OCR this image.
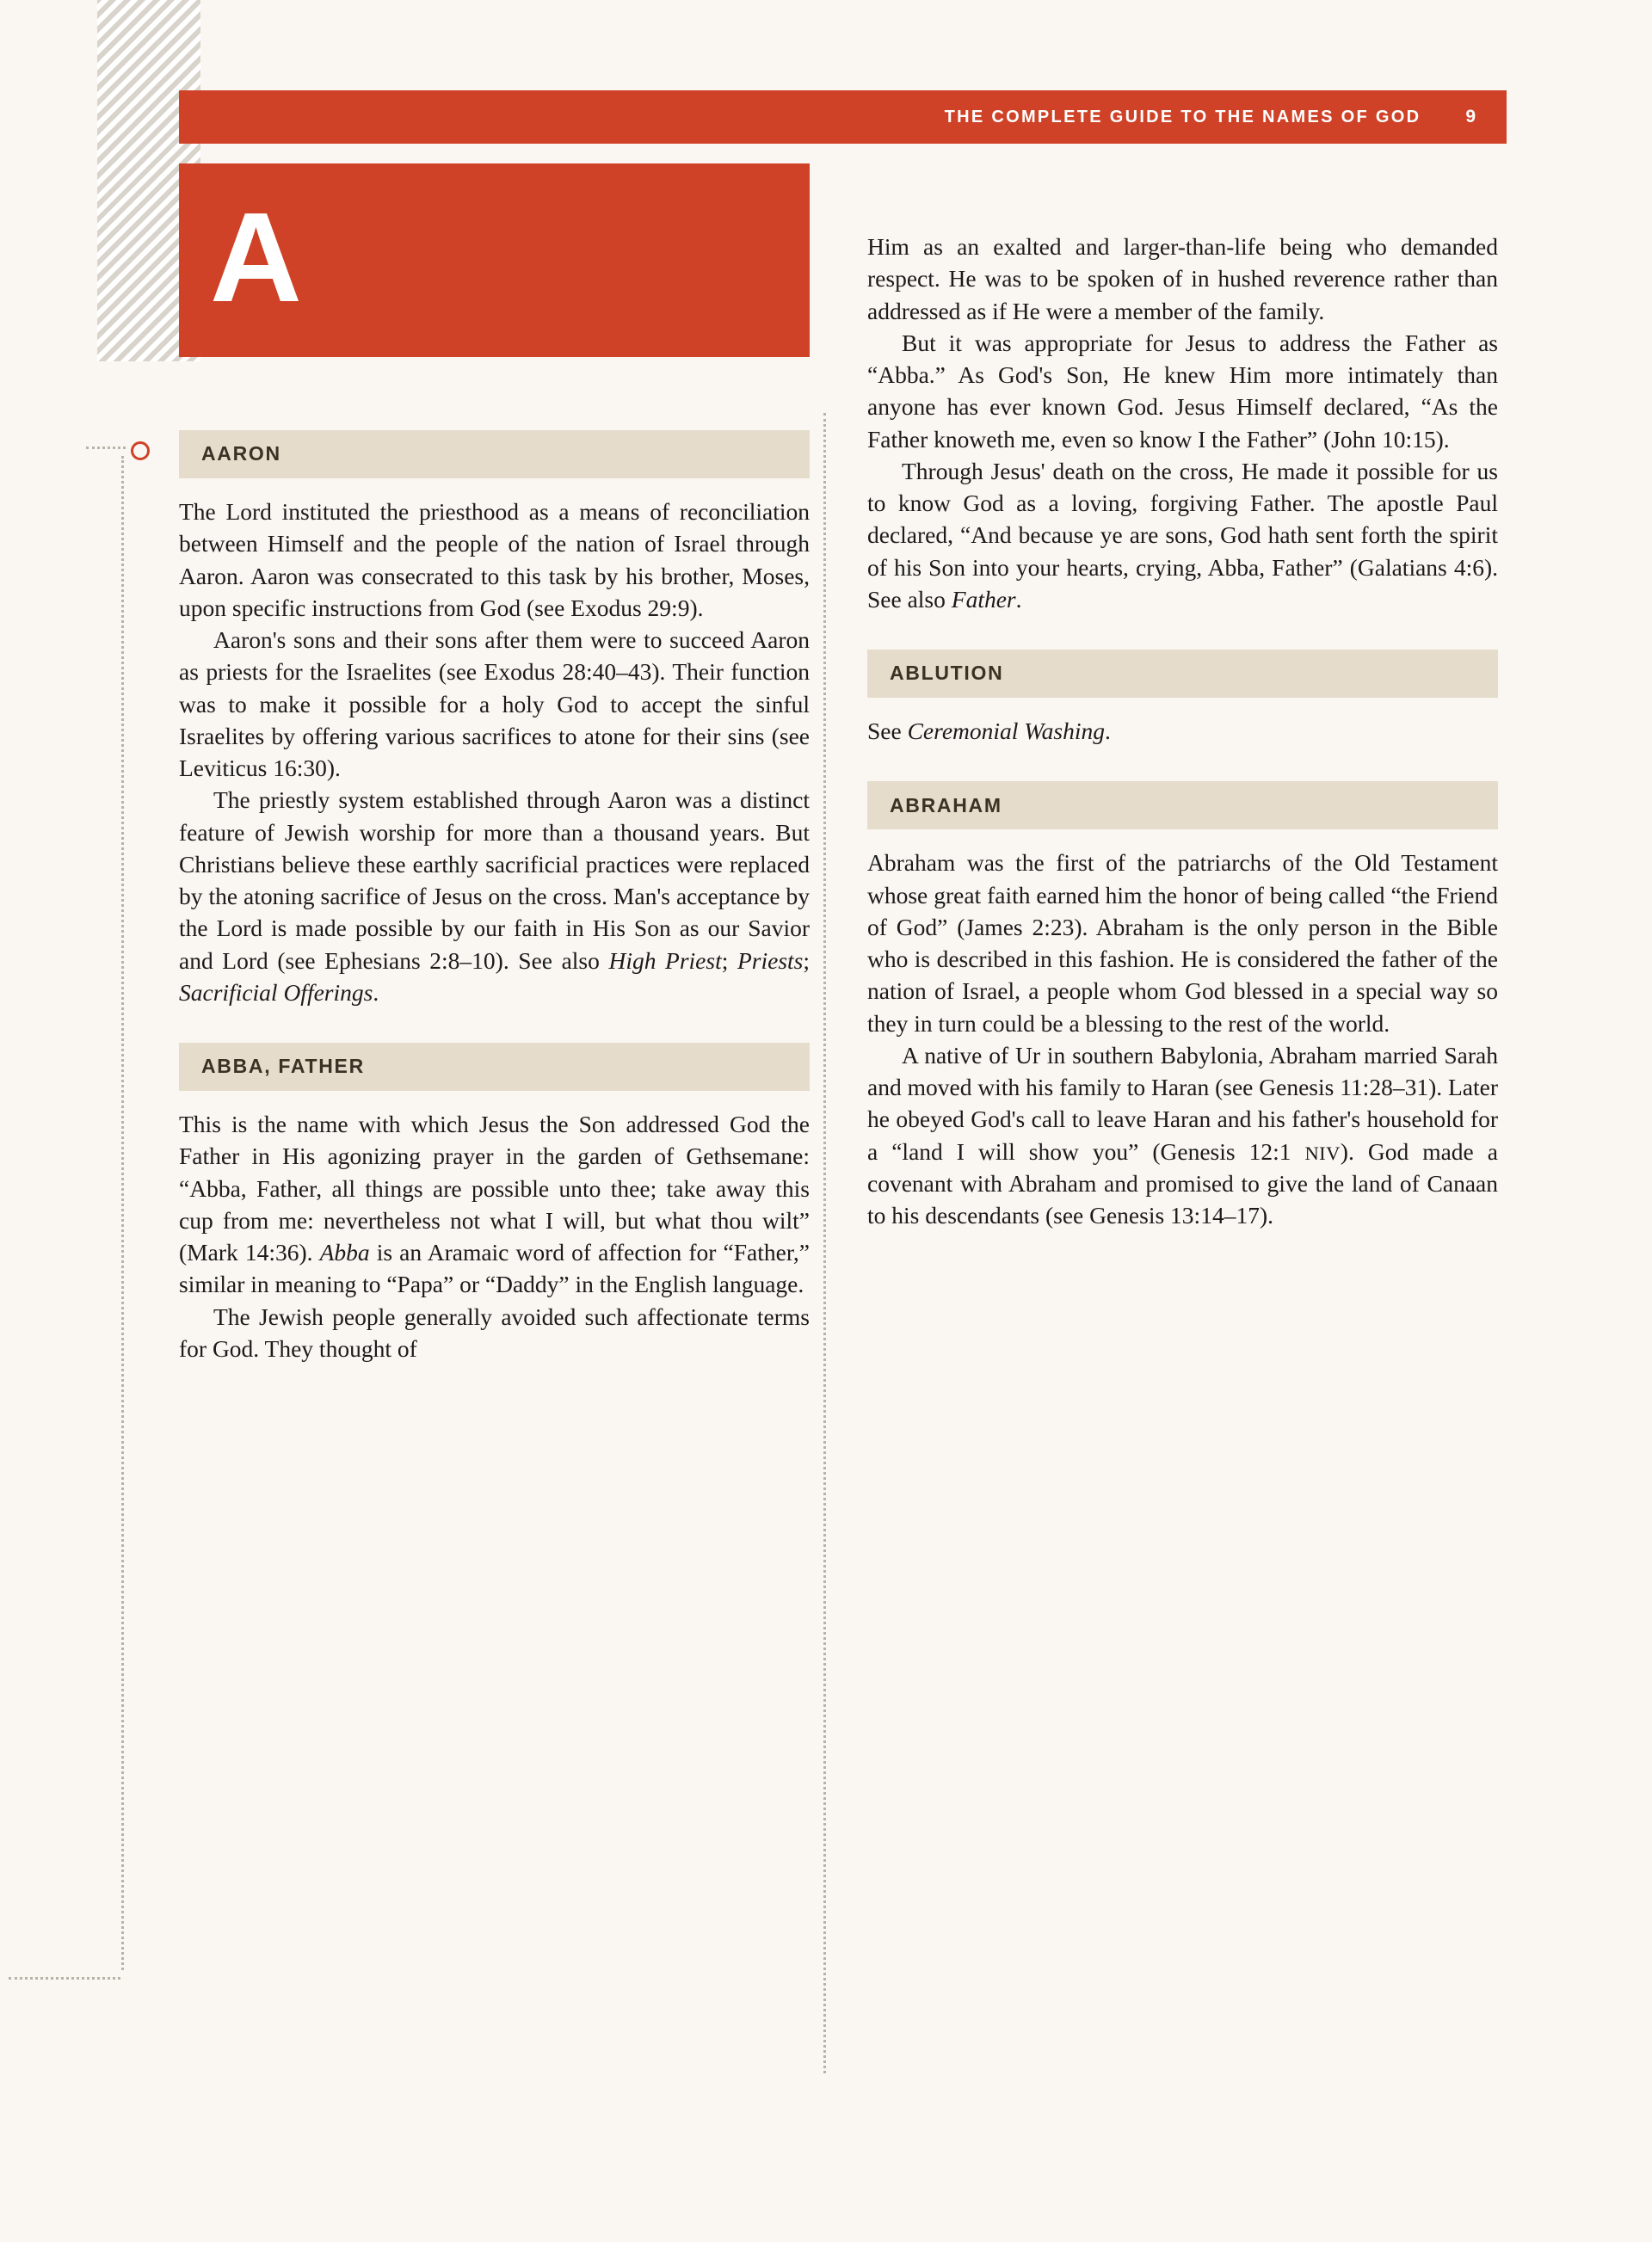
THE COMPLETE GUIDE TO THE NAMES OF GOD 9
A
AARON

The Lord instituted the priesthood as a means of reconciliation between Himself and the people of the nation of Israel through Aaron. Aaron was consecrated to this task by his brother, Moses, upon specific instructions from God (see Exodus 29:9).

Aaron's sons and their sons after them were to succeed Aaron as priests for the Israelites (see Exodus 28:40–43). Their function was to make it possible for a holy God to accept the sinful Israelites by offering various sacrifices to atone for their sins (see Leviticus 16:30).

The priestly system established through Aaron was a distinct feature of Jewish worship for more than a thousand years. But Christians believe these earthly sacrificial practices were replaced by the atoning sacrifice of Jesus on the cross. Man's acceptance by the Lord is made possible by our faith in His Son as our Savior and Lord (see Ephesians 2:8–10). See also High Priest; Priests; Sacrificial Offerings.

ABBA, FATHER

This is the name with which Jesus the Son addressed God the Father in His agonizing prayer in the garden of Gethsemane: “Abba, Father, all things are possible unto thee; take away this cup from me: nevertheless not what I will, but what thou wilt” (Mark 14:36). Abba is an Aramaic word of affection for “Father,” similar in meaning to “Papa” or “Daddy” in the English language.

The Jewish people generally avoided such affectionate terms for God. They thought of

Him as an exalted and larger-than-life being who demanded respect. He was to be spoken of in hushed reverence rather than addressed as if He were a member of the family.

But it was appropriate for Jesus to address the Father as “Abba.” As God's Son, He knew Him more intimately than anyone has ever known God. Jesus Himself declared, “As the Father knoweth me, even so know I the Father” (John 10:15).

Through Jesus' death on the cross, He made it possible for us to know God as a loving, forgiving Father. The apostle Paul declared, “And because ye are sons, God hath sent forth the spirit of his Son into your hearts, crying, Abba, Father” (Galatians 4:6). See also Father.

ABLUTION

See Ceremonial Washing.

ABRAHAM

Abraham was the first of the patriarchs of the Old Testament whose great faith earned him the honor of being called “the Friend of God” (James 2:23). Abraham is the only person in the Bible who is described in this fashion. He is considered the father of the nation of Israel, a people whom God blessed in a special way so they in turn could be a blessing to the rest of the world.

A native of Ur in southern Babylonia, Abraham married Sarah and moved with his family to Haran (see Genesis 11:28–31). Later he obeyed God's call to leave Haran and his father's household for a “land I will show you” (Genesis 12:1 NIV). God made a covenant with Abraham and promised to give the land of Canaan to his descendants (see Genesis 13:14–17).
